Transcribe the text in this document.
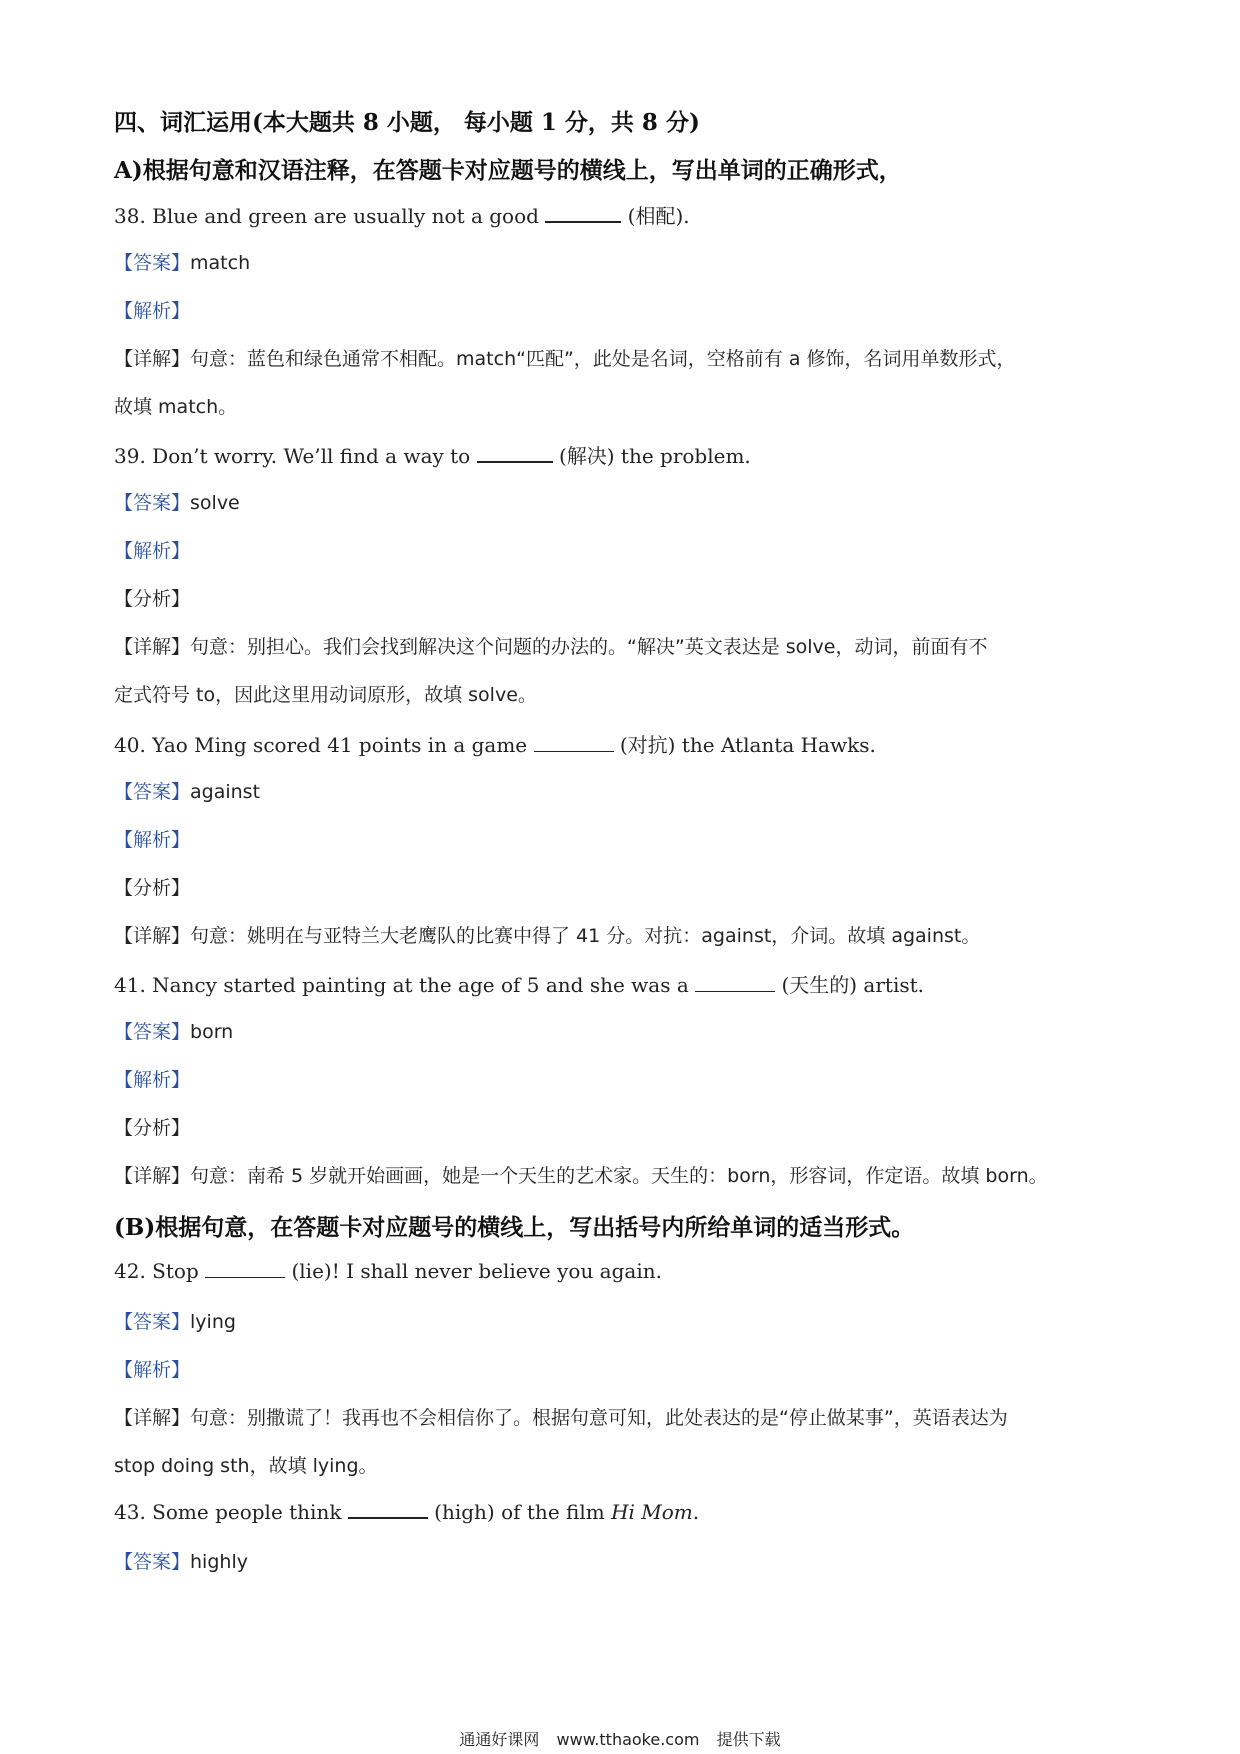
四、词汇运用(本大题共 8 小题， 每小题 1 分，共 8 分)
A)根据句意和汉语注释，在答题卡对应题号的横线上，写出单词的正确形式，
38. Blue and green are usually not a good	(相配).
【答案】match
【解析】
【详解】句意：蓝色和绿色通常不相配。match“匹配”，此处是名词，空格前有 a 修饰，名词用单数形式，
故填 match。
39. Don’t worry. We’ll find a way to	(解决) the problem.
【答案】solve
【解析】
【分析】
【详解】句意：别担心。我们会找到解决这个问题的办法的。“解决”英文表达是 solve，动词，前面有不
定式符号 to，因此这里用动词原形，故填 solve。
40. Yao Ming scored 41 points in a game	(对抗) the Atlanta Hawks.
【答案】against
【解析】
【分析】
【详解】句意：姚明在与亚特兰大老鹰队的比赛中得了 41 分。对抗：against，介词。故填 against。
41. Nancy started painting at the age of 5 and she was a	(天生的) artist.
【答案】born
【解析】
【分析】
【详解】句意：南希 5 岁就开始画画，她是一个天生的艺术家。天生的：born，形容词，作定语。故填 born。
(B)根据句意，在答题卡对应题号的横线上，写出括号内所给单词的适当形式。
42. Stop	(lie)! I shall never believe you again.
【答案】lying
【解析】
【详解】句意：别撒谎了！我再也不会相信你了。根据句意可知，此处表达的是“停止做某事”，英语表达为
stop doing sth，故填 lying。
43. Some people think	(high) of the film Hi Mom.
【答案】highly
通通好课网 www.tthaoke.com 提供下载
